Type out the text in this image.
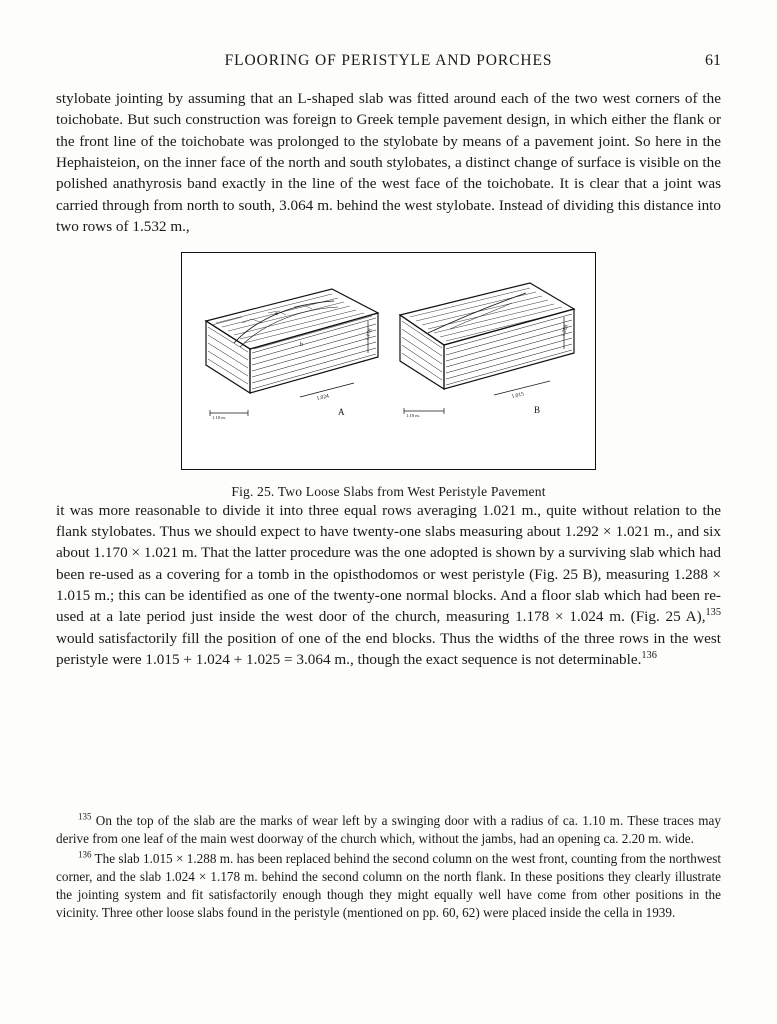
FLOORING OF PERISTYLE AND PORCHES	61

stylobate jointing by assuming that an L-shaped slab was fitted around each of the two west corners of the toichobate. But such construction was foreign to Greek temple pavement design, in which either the flank or the front line of the toichobate was prolonged to the stylobate by means of a pavement joint. So here in the Hephaisteion, on the inner face of the north and south stylobates, a distinct change of surface is visible on the polished anathyrosis band exactly in the line of the west face of the toichobate. It is clear that a joint was carried through from north to south, 3.064 m. behind the west stylobate. Instead of dividing this distance into two rows of 1.532 m.,

A
1.024
1.178
1.10 m.
a
b
B
1.015
1.288
1.10 m.
Fig. 25. Two Loose Slabs from West Peristyle Pavement

it was more reasonable to divide it into three equal rows averaging 1.021 m., quite without relation to the flank stylobates. Thus we should expect to have twenty-one slabs measuring about 1.292 × 1.021 m., and six about 1.170 × 1.021 m. That the latter procedure was the one adopted is shown by a surviving slab which had been re-used as a covering for a tomb in the opisthodomos or west peristyle (Fig. 25 B), measuring 1.288 × 1.015 m.; this can be identified as one of the twenty-one normal blocks. And a floor slab which had been re-used at a late period just inside the west door of the church, measuring 1.178 × 1.024 m. (Fig. 25 A),$^{135}$ would satisfactorily fill the position of one of the end blocks. Thus the widths of the three rows in the west peristyle were 1.015 + 1.024 + 1.025 = 3.064 m., though the exact sequence is not determinable.$^{136}$

$^{135}$ On the top of the slab are the marks of wear left by a swinging door with a radius of ca. 1.10 m. These traces may derive from one leaf of the main west doorway of the church which, without the jambs, had an opening ca. 2.20 m. wide.

$^{136}$ The slab 1.015 × 1.288 m. has been replaced behind the second column on the west front, counting from the northwest corner, and the slab 1.024 × 1.178 m. behind the second column on the north flank. In these positions they clearly illustrate the jointing system and fit satisfactorily enough though they might equally well have come from other positions in the vicinity. Three other loose slabs found in the peristyle (mentioned on pp. 60, 62) were placed inside the cella in 1939.
